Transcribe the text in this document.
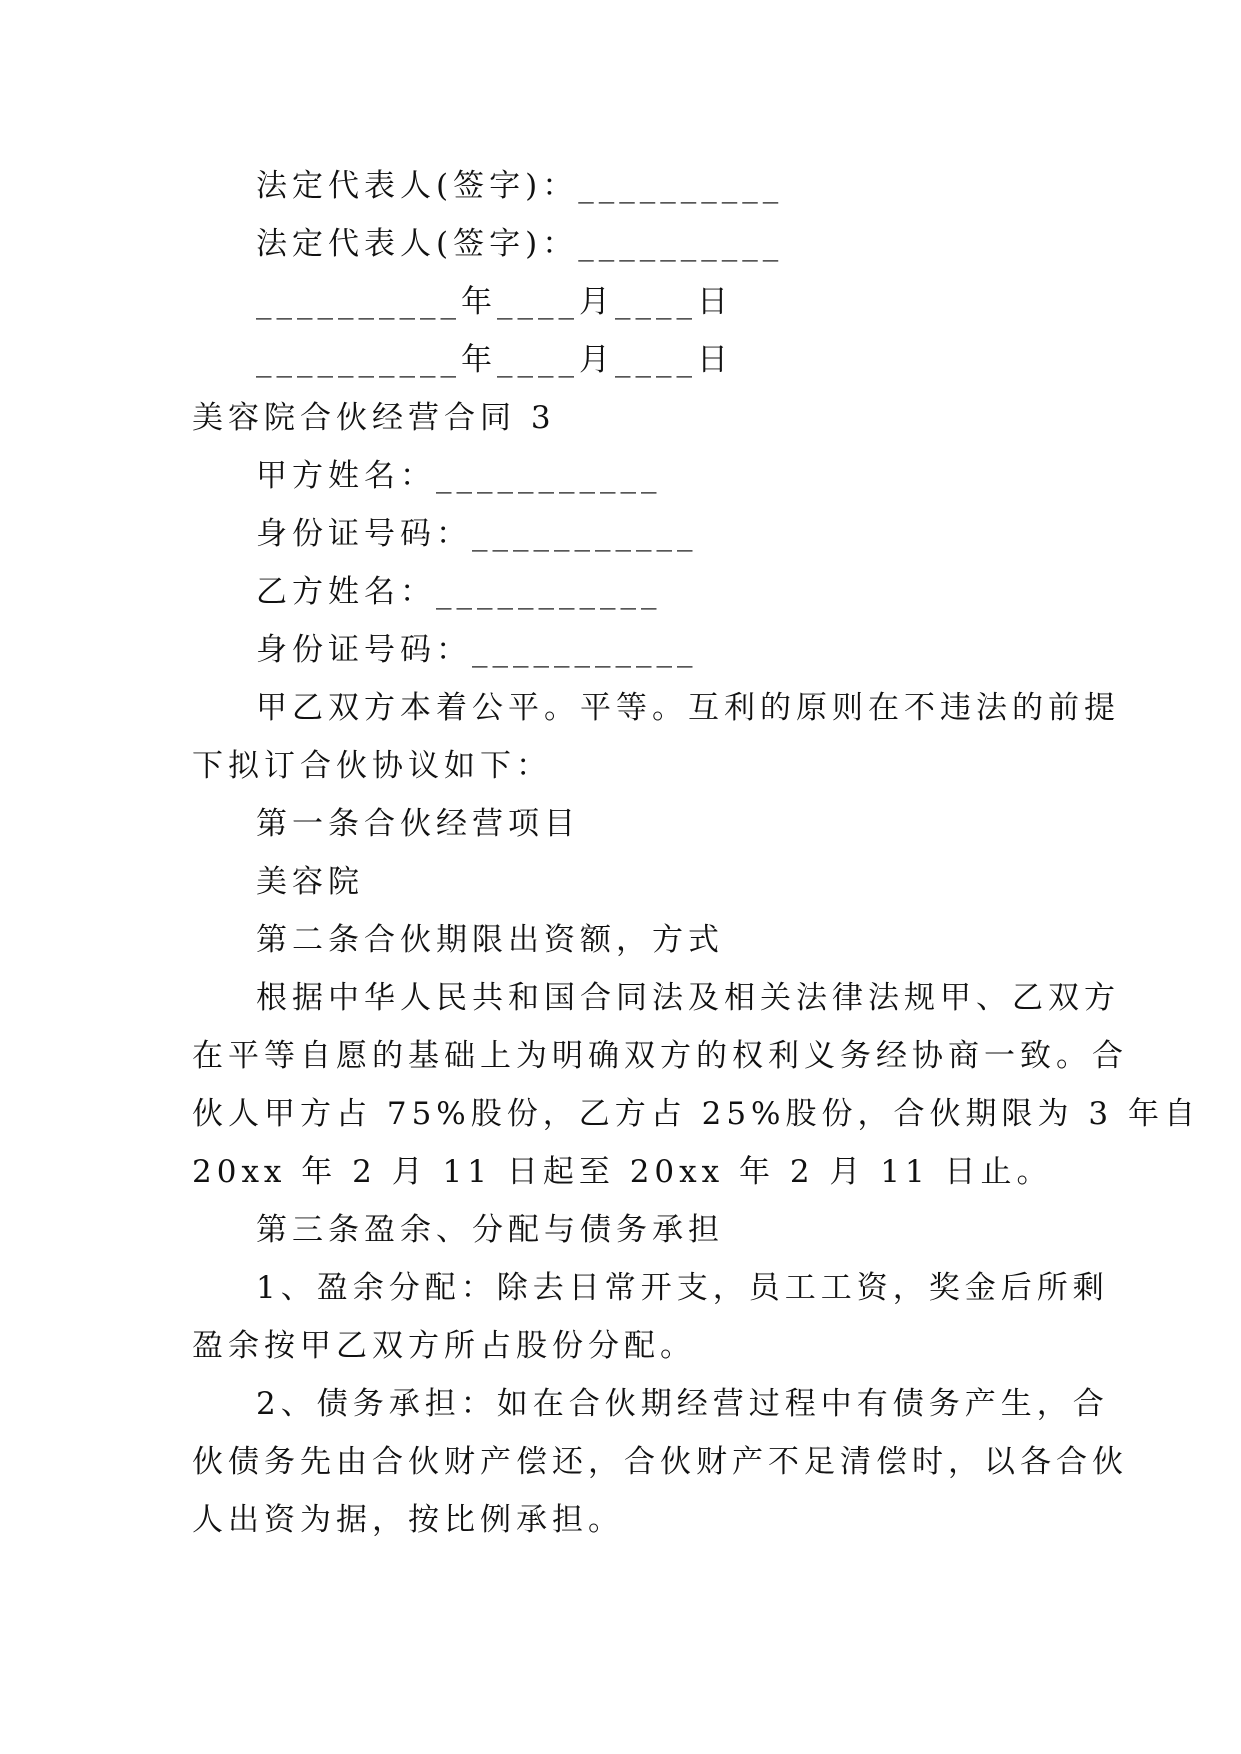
法定代表人(签字)：__________
法定代表人(签字)：__________
__________年____月____日
__________年____月____日
美容院合伙经营合同 3
甲方姓名：___________
身份证号码：___________
乙方姓名：___________
身份证号码：___________
甲乙双方本着公平。平等。互利的原则在不违法的前提
下拟订合伙协议如下：
第一条合伙经营项目
美容院
第二条合伙期限出资额，方式
根据中华人民共和国合同法及相关法律法规甲、乙双方
在平等自愿的基础上为明确双方的权利义务经协商一致。合
伙人甲方占 75%股份，乙方占 25%股份，合伙期限为 3 年自
20xx 年 2 月 11 日起至 20xx 年 2 月 11 日止。
第三条盈余、分配与债务承担
1、盈余分配：除去日常开支，员工工资，奖金后所剩
盈余按甲乙双方所占股份分配。
2、债务承担：如在合伙期经营过程中有债务产生，合
伙债务先由合伙财产偿还，合伙财产不足清偿时，以各合伙
人出资为据，按比例承担。
